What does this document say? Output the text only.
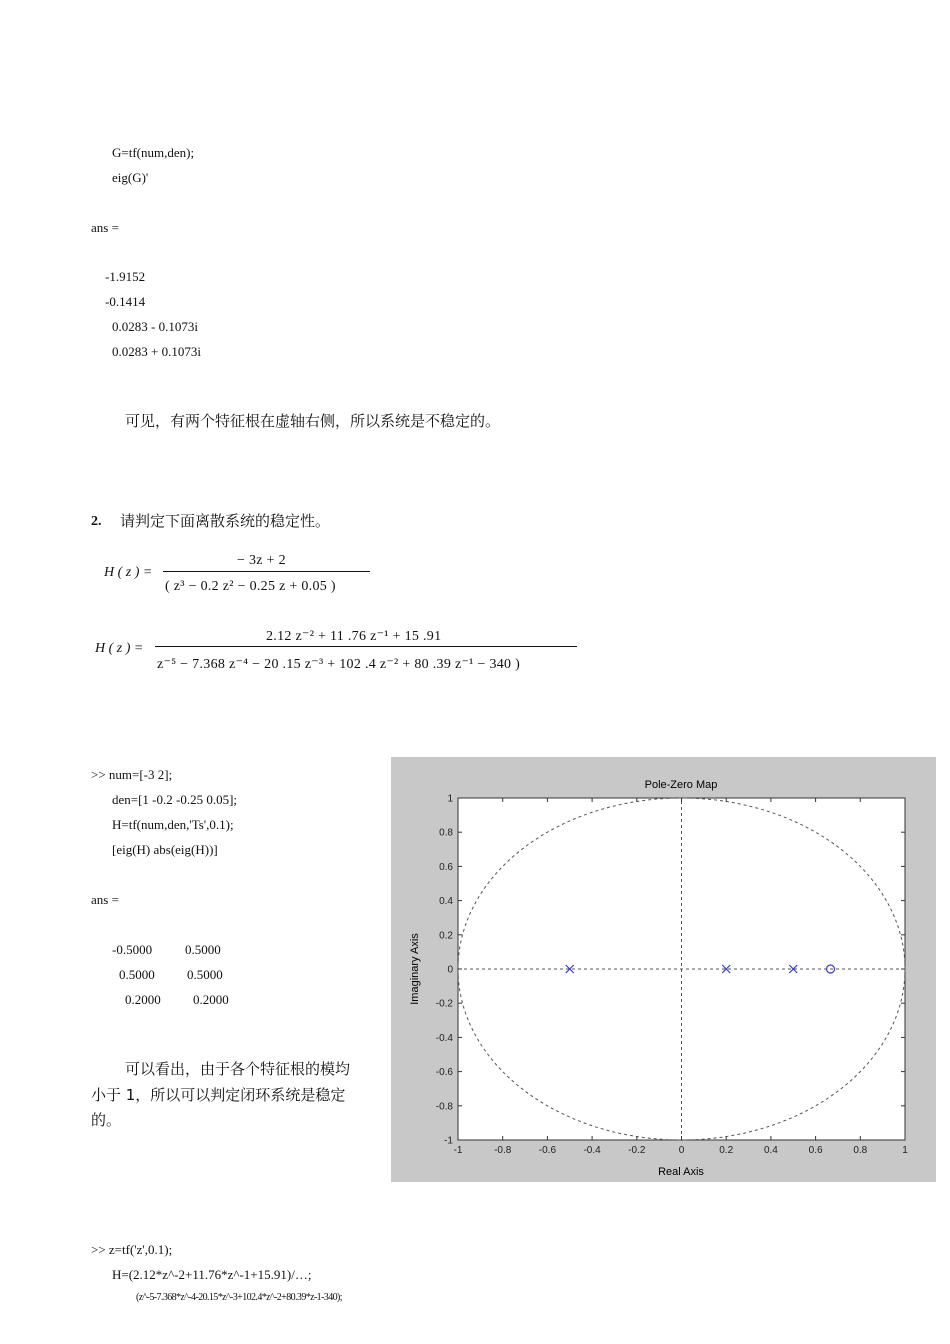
G=tf(num,den);
eig(G)'
ans =
-1.9152
-0.1414
0.0283 - 0.1073i
0.0283 + 0.1073i
可见，有两个特征根在虚轴右侧，所以系统是不稳定的。
2. 请判定下面离散系统的稳定性。
H ( z ) =
− 3z + 2
( z³ − 0.2 z² − 0.25 z + 0.05 )
H ( z ) =
2.12 z⁻² + 11 .76 z⁻¹ + 15 .91
z⁻⁵ − 7.368 z⁻⁴ − 20 .15 z⁻³ + 102 .4 z⁻² + 80 .39 z⁻¹ − 340 )
>> num=[-3 2];
den=[1 -0.2 -0.25 0.05];
H=tf(num,den,'Ts',0.1);
[eig(H) abs(eig(H))]
ans =
-0.5000	0.5000
0.5000 0.5000
0.2000 0.2000
可以看出，由于各个特征根的模均
小于 1，所以可以判定闭环系统是稳定
的。
-1	-0.8	-0.6	-0.4	-0.2	0	0.2	0.4	0.6	0.8	1
1
0.8
0.6
0.4
0.2
0
-0.2
-0.4
-0.6
-0.8
-1
Pole-Zero Map
Real Axis
Imaginary Axis
>> z=tf('z',0.1);
H=(2.12*z^-2+11.76*z^-1+15.91)/…;
(z^-5-7.368*z^-4-20.15*z^-3+102.4*z^-2+80.39*z-1-340);
